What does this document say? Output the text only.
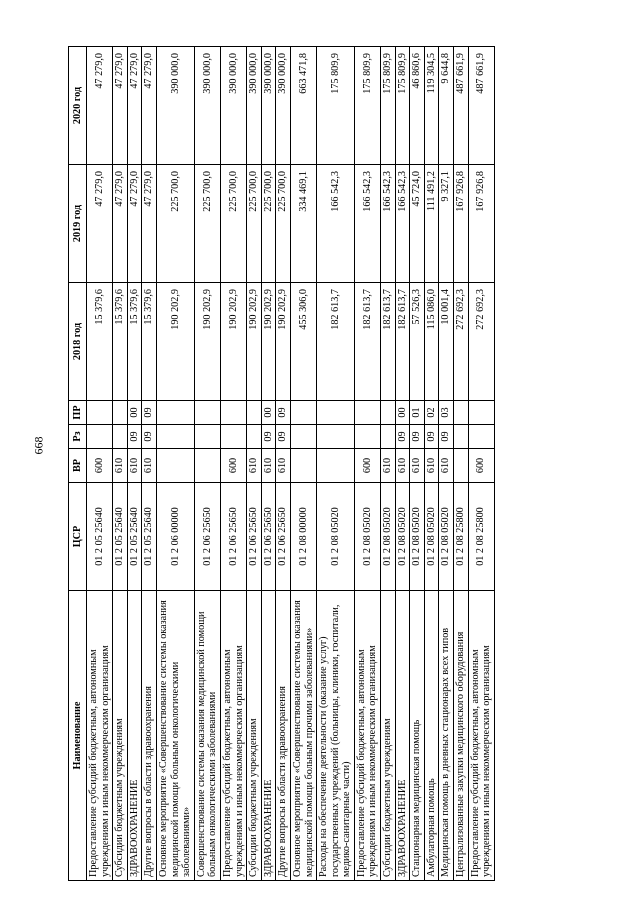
668
Наименование	ЦСР	ВР	Рз	ПР	2018 год	2019 год	2020 год
Предоставление субсидий бюджетным, автономным учреждениям и иным некоммерческим организациям	01 2 05 25640	600			15 379,6	47 279,0	47 279,0
Субсидии бюджетным учреждениям	01 2 05 25640	610			15 379,6	47 279,0	47 279,0
ЗДРАВООХРАНЕНИЕ	01 2 05 25640	610	09	00	15 379,6	47 279,0	47 279,0
Другие вопросы в области здравоохранения	01 2 05 25640	610	09	09	15 379,6	47 279,0	47 279,0
Основное мероприятие «Совершенствование системы оказания медицинской помощи больным онкологическими заболеваниями»	01 2 06 00000				190 202,9	225 700,0	390 000,0
Совершенствование системы оказания медицинской помощи больным онкологическими заболеваниями	01 2 06 25650				190 202,9	225 700,0	390 000,0
Предоставление субсидий бюджетным, автономным учреждениям и иным некоммерческим организациям	01 2 06 25650	600			190 202,9	225 700,0	390 000,0
Субсидии бюджетным учреждениям	01 2 06 25650	610			190 202,9	225 700,0	390 000,0
ЗДРАВООХРАНЕНИЕ	01 2 06 25650	610	09	00	190 202,9	225 700,0	390 000,0
Другие вопросы в области здравоохранения	01 2 06 25650	610	09	09	190 202,9	225 700,0	390 000,0
Основное мероприятие «Совершенствование системы оказания медицинской помощи больным прочими заболеваниями»	01 2 08 00000				455 306,0	334 469,1	663 471,8
Расходы на обеспечение деятельности (оказание услуг) государственных учреждений (больницы, клиники, госпитали, медико-санитарные части)	01 2 08 05020				182 613,7	166 542,3	175 809,9
Предоставление субсидий бюджетным, автономным учреждениям и иным некоммерческим организациям	01 2 08 05020	600			182 613,7	166 542,3	175 809,9
Субсидии бюджетным учреждениям	01 2 08 05020	610			182 613,7	166 542,3	175 809,9
ЗДРАВООХРАНЕНИЕ	01 2 08 05020	610	09	00	182 613,7	166 542,3	175 809,9
Стационарная медицинская помощь	01 2 08 05020	610	09	01	57 526,3	45 724,0	46 860,6
Амбулаторная помощь	01 2 08 05020	610	09	02	115 086,0	111 491,2	119 304,5
Медицинская помощь в дневных стационарах всех типов	01 2 08 05020	610	09	03	10 001,4	9 327,1	9 644,8
Централизованные закупки медицинского оборудования	01 2 08 25800				272 692,3	167 926,8	487 661,9
Предоставление субсидий бюджетным, автономным учреждениям и иным некоммерческим организациям	01 2 08 25800	600			272 692,3	167 926,8	487 661,9
